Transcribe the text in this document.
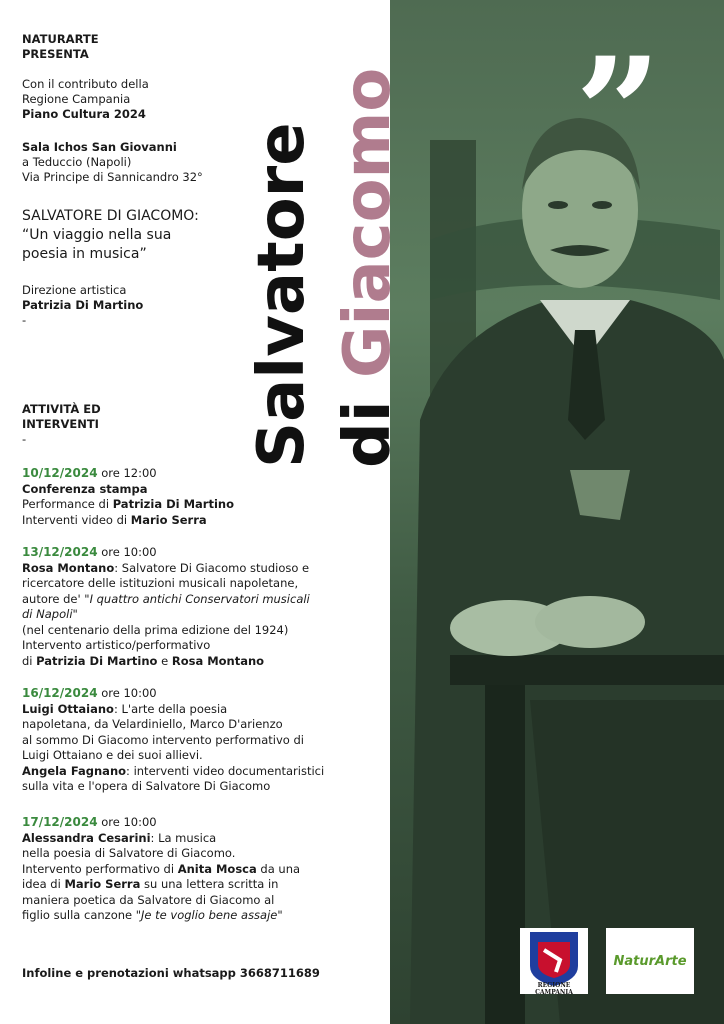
”
Salvatore di Giacomo
NATURARTE
PRESENTA
Con il contributo della
Regione Campania
Piano Cultura 2024
Sala Ichos San Giovanni
a Teduccio (Napoli)
Via Principe di Sannicandro 32°
SALVATORE DI GIACOMO:
“Un viaggio nella sua
poesia in musica”
Direzione artistica
Patrizia Di Martino
-
ATTIVITÀ ED
INTERVENTI
-
10/12/2024 ore 12:00
Conferenza stampa
Performance di Patrizia Di Martino
Interventi video di Mario Serra
13/12/2024 ore 10:00
Rosa Montano: Salvatore Di Giacomo studioso e
ricercatore delle istituzioni musicali napoletane,
autore de' "I quattro antichi Conservatori musicali
di Napoli"
(nel centenario della prima edizione del 1924)
Intervento artistico/performativo
di Patrizia Di Martino e Rosa Montano
16/12/2024 ore 10:00
Luigi Ottaiano: L'arte della poesia
napoletana, da Velardiniello, Marco D'arienzo
al sommo Di Giacomo intervento performativo di
Luigi Ottaiano e dei suoi allievi.
Angela Fagnano: interventi video documentaristici
sulla vita e l'opera di Salvatore Di Giacomo
17/12/2024 ore 10:00
Alessandra Cesarini: La musica
nella poesia di Salvatore di Giacomo.
Intervento performativo di Anita Mosca da una
idea di Mario Serra su una lettera scritta in
maniera poetica da Salvatore di Giacomo al
figlio sulla canzone "Je te voglio bene assaje"
Infoline e prenotazioni whatsapp 3668711689
REGIONE CAMPANIA
NaturArte
